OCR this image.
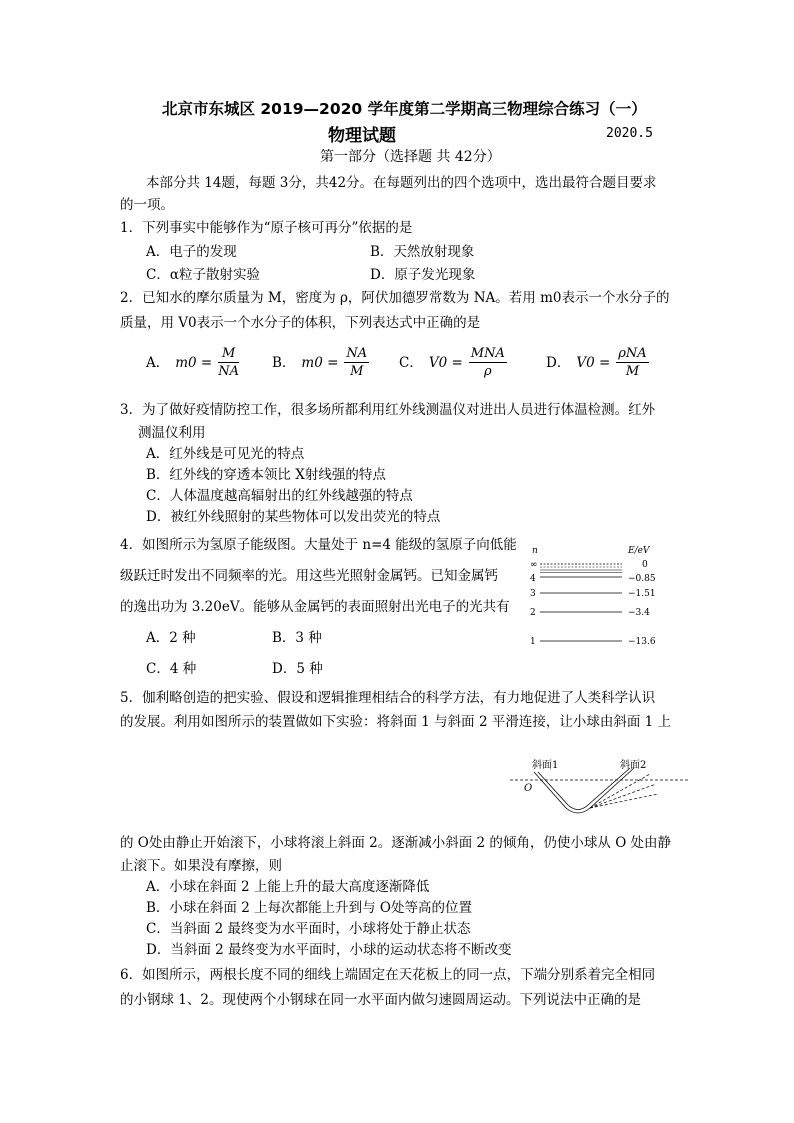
北京市东城区 2019—2020 学年度第二学期高三物理综合练习（一）
物理试题	2020.5
第一部分（选择题 共 42分）
本部分共 14题，每题 3分，共42分。在每题列出的四个选项中，选出最符合题目要求
的一项。
1．下列事实中能够作为“原子核可再分”依据的是
A．电子的发现	B．天然放射现象
C．α粒子散射实验	D．原子发光现象
2．已知水的摩尔质量为 M，密度为 ρ，阿伏加德罗常数为 NA。若用 m0表示一个水分子的
质量，用 V0表示一个水分子的体积，下列表达式中正确的是
A． $m0 = \frac{M}{NA}$ B． $m0 = \frac{NA}{M}$ C． $V0 = \frac{\text{MNA}}{\rho}$	D． $V0 = \frac{\text{ρNA}}{M}$
3．为了做好疫情防控工作，很多场所都利用红外线测温仪对进出人员进行体温检测。红外
测温仪利用
A．红外线是可见光的特点
B．红外线的穿透本领比 X射线强的特点
C．人体温度越高辐射出的红外线越强的特点
D．被红外线照射的某些物体可以发出荧光的特点
4．如图所示为氢原子能级图。大量处于 n=4 能级的氢原子向低能
级跃迁时发出不同频率的光。用这些光照射金属钙。已知金属钙
的逸出功为 3.20eV。能够从金属钙的表面照射出光电子的光共有
A．2 种	B．3 种
C．4 种	D．5 种
n	E/eV
∞	0
4	−0.85
3	−1.51
2	−3.4
1	−13.6
5．伽利略创造的把实验、假设和逻辑推理相结合的科学方法，有力地促进了人类科学认识
的发展。利用如图所示的装置做如下实验：将斜面 1 与斜面 2 平滑连接，让小球由斜面 1 上
斜面1	斜面2
O
的 O处由静止开始滚下，小球将滚上斜面 2。逐渐减小斜面 2 的倾角，仍使小球从 O 处由静
止滚下。如果没有摩擦，则
A．小球在斜面 2 上能上升的最大高度逐渐降低
B．小球在斜面 2 上每次都能上升到与 O处等高的位置
C．当斜面 2 最终变为水平面时，小球将处于静止状态
D．当斜面 2 最终变为水平面时，小球的运动状态将不断改变
6．如图所示，两根长度不同的细线上端固定在天花板上的同一点，下端分别系着完全相同
的小钢球 1、2。现使两个小钢球在同一水平面内做匀速圆周运动。下列说法中正确的是
